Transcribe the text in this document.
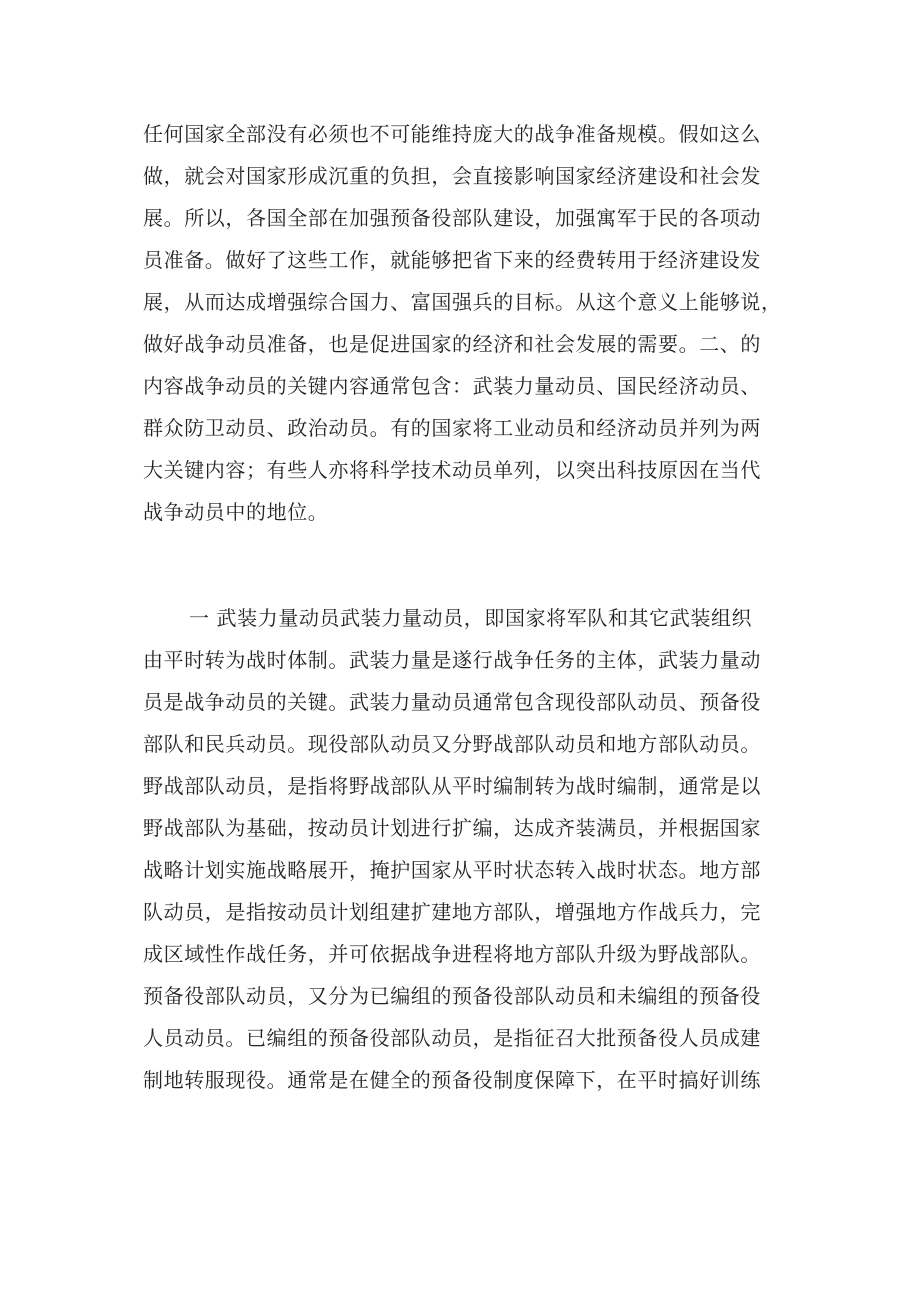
任何国家全部没有必须也不可能维持庞大的战争准备规模。假如这么
做，就会对国家形成沉重的负担，会直接影响国家经济建设和社会发
展。所以，各国全部在加强预备役部队建设，加强寓军于民的各项动
员准备。做好了这些工作，就能够把省下来的经费转用于经济建设发
展，从而达成增强综合国力、富国强兵的目标。从这个意义上能够说，
做好战争动员准备，也是促进国家的经济和社会发展的需要。二、的
内容战争动员的关键内容通常包含：武装力量动员、国民经济动员、
群众防卫动员、政治动员。有的国家将工业动员和经济动员并列为两
大关键内容；有些人亦将科学技术动员单列，以突出科技原因在当代
战争动员中的地位。
一 武装力量动员武装力量动员，即国家将军队和其它武装组织
由平时转为战时体制。武装力量是遂行战争任务的主体，武装力量动
员是战争动员的关键。武装力量动员通常包含现役部队动员、预备役
部队和民兵动员。现役部队动员又分野战部队动员和地方部队动员。
野战部队动员，是指将野战部队从平时编制转为战时编制，通常是以
野战部队为基础，按动员计划进行扩编，达成齐装满员，并根据国家
战略计划实施战略展开，掩护国家从平时状态转入战时状态。地方部
队动员，是指按动员计划组建扩建地方部队，增强地方作战兵力，完
成区域性作战任务，并可依据战争进程将地方部队升级为野战部队。
预备役部队动员，又分为已编组的预备役部队动员和未编组的预备役
人员动员。已编组的预备役部队动员，是指征召大批预备役人员成建
制地转服现役。通常是在健全的预备役制度保障下，在平时搞好训练
